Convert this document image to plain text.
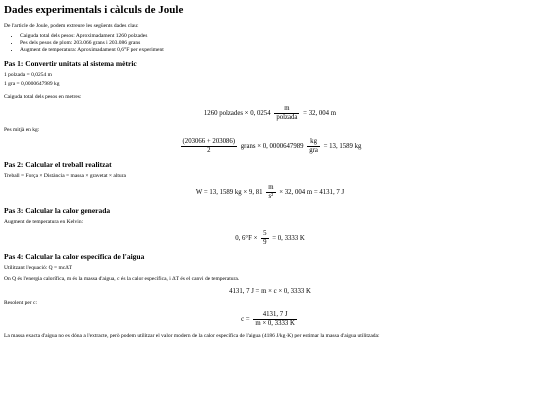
Dades experimentals i càlculs de Joule

De l'article de Joule, podem extreure les següents dades clau:

• Caiguda total dels pesos: Aproximadament 1260 polzades
• Pes dels pesos de plom: 203.066 grans i 203.086 grans
• Augment de temperatura: Aproximadament 0,6°F per experiment
Pas 1: Convertir unitats al sistema mètric

1 polzada = 0,0254 m

1 gra = 0,0000647989 kg

Caiguda total dels pesos en metres:

1260 polzades × 0, $0254 \frac{m}{\text{polzada}} = 32$, 004 m

Pes mitjà en kg:

$\frac{(203066 + 203086)}{2}$ grans × 0, $0000647989 \frac{kg}{\text{gra}} = 13$, 1589 kg
Pas 2: Calcular el treball realitzat

Treball = Força × Distància = massa × gravetat × altura

W = 13, 1589 kg × 9, $81 \frac{m}{\text{s²}} \times 32$, 004 m = 4131, 7 J
Pas 3: Calcular la calor generada

Augment de temperatura en Kelvin:

0, $6^\circ F \times \frac{5}{9} = 0$, 3333 K
Pas 4: Calcular la calor específica de l'aigua

Utilitzant l'equació: Q = mcΔT

On Q és l'energia calorífica, m és la massa d'aigua, c és la calor específica, i ΔT és el canvi de temperatura.

4131, 7 J = m × c × 0, 3333 K

Resolent per c:

$c = \frac{4131, 7 J}{m \times 0, 3333 K}$

La massa exacta d'aigua no es dóna a l'extracte, però podem utilitzar el valor modern de la calor específica de l'aigua (4186 J/kg·K) per estimar la massa d'aigua utilitzada:
